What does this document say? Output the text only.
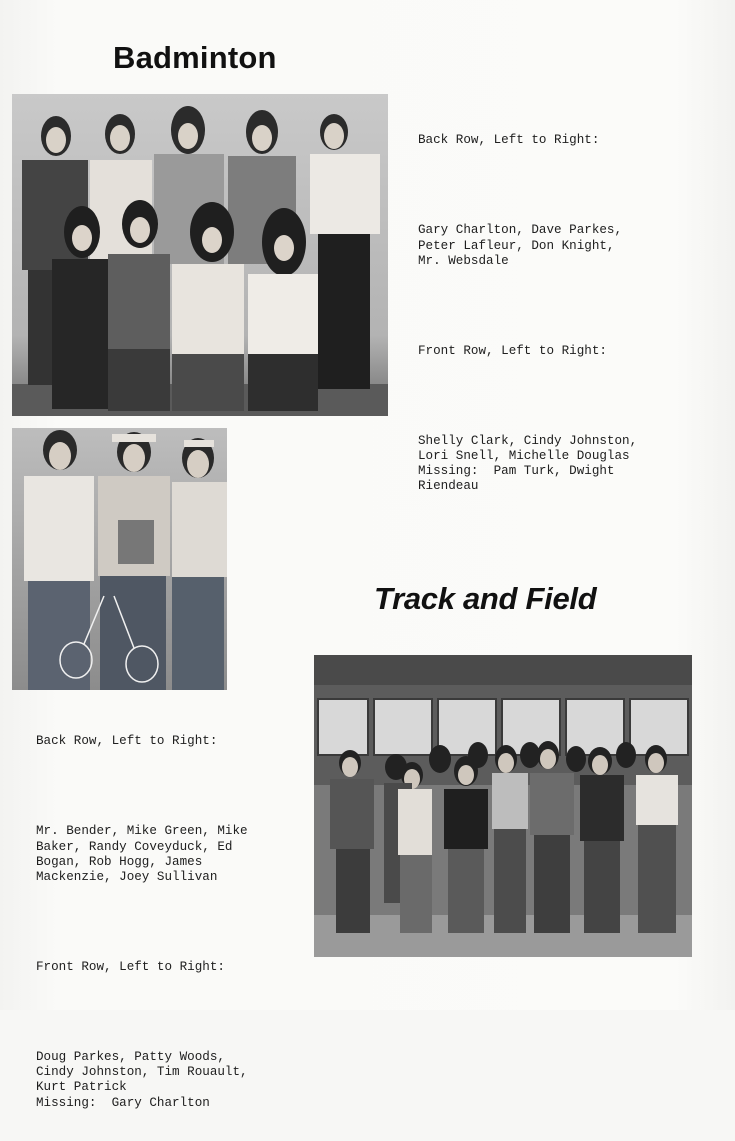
Badminton

Back Row, Left to Right:

Gary Charlton, Dave Parkes,
Peter Lafleur, Don Knight,
Mr. Websdale

Front Row, Left to Right:

Shelly Clark, Cindy Johnston,
Lori Snell, Michelle Douglas
Missing:  Pam Turk, Dwight
Riendeau

Track and Field

Back Row, Left to Right:

Mr. Bender, Mike Green, Mike
Baker, Randy Coveyduck, Ed
Bogan, Rob Hogg, James
Mackenzie, Joey Sullivan

Front Row, Left to Right:

Doug Parkes, Patty Woods,
Cindy Johnston, Tim Rouault,
Kurt Patrick
Missing:  Gary Charlton
